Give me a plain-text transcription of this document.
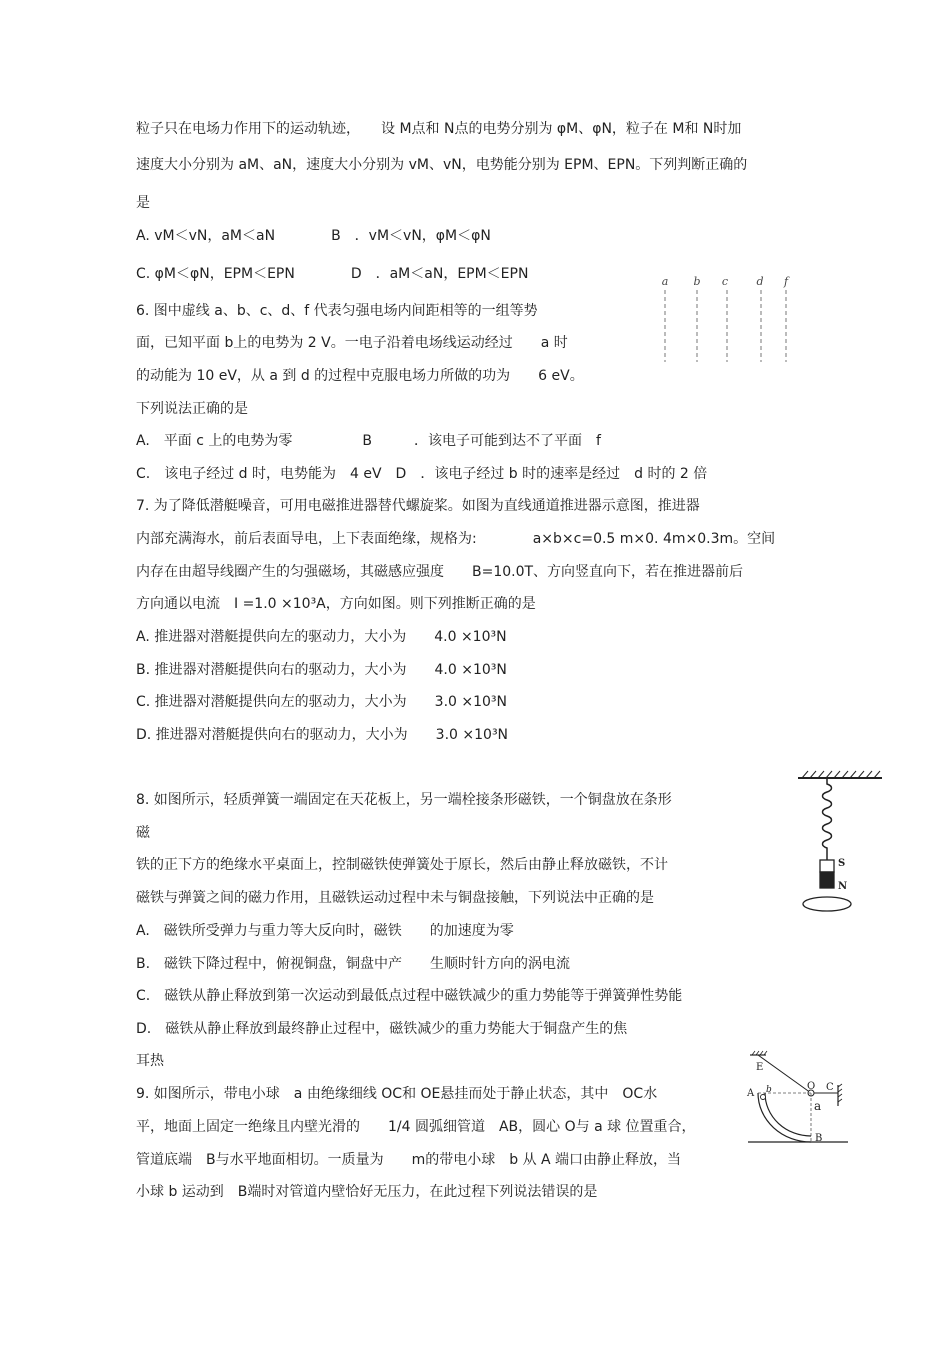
粒子只在电场力作用下的运动轨迹，　　设 M点和 N点的电势分别为 φM、φN，粒子在 M和 N时加
速度大小分别为 aM、aN，速度大小分别为 vM、vN，电势能分别为 EPM、EPN。下列判断正确的
是
A. vM＜vN，aM＜aN　　　　B　．vM＜vN，φM＜φN
C. φM＜φN，EPM＜EPN　　　　D　．aM＜aN，EPM＜EPN
6. 图中虚线 a、b、c、d、f 代表匀强电场内间距相等的一组等势
面，已知平面 b上的电势为 2 V。一电子沿着电场线运动经过　　a 时
的动能为 10 eV，从 a 到 d 的过程中克服电场力所做的功为　　6 eV。
下列说法正确的是
A.　平面 c 上的电势为零　　　　　B　　　．该电子可能到达不了平面　f
C.　该电子经过 d 时，电势能为　4 eV　D　．该电子经过 b 时的速率是经过　d 时的 2 倍
7. 为了降低潜艇噪音，可用电磁推进器替代螺旋桨。如图为直线通道推进器示意图，推进器
内部充满海水，前后表面导电，上下表面绝缘，规格为:　　　　a×b×c=0.5 m×0. 4m×0.3m。空间
内存在由超导线圈产生的匀强磁场，其磁感应强度　　B=10.0T、方向竖直向下，若在推进器前后
方向通以电流　I =1.0 ×10³A，方向如图。则下列推断正确的是
A. 推进器对潜艇提供向左的驱动力，大小为　　4.0 ×10³N
B. 推进器对潜艇提供向右的驱动力，大小为　　4.0 ×10³N
C. 推进器对潜艇提供向左的驱动力，大小为　　3.0 ×10³N
D. 推进器对潜艇提供向右的驱动力，大小为　　3.0 ×10³N
8. 如图所示，轻质弹簧一端固定在天花板上，另一端栓接条形磁铁，一个铜盘放在条形
磁
铁的正下方的绝缘水平桌面上，控制磁铁使弹簧处于原长，然后由静止释放磁铁，不计
磁铁与弹簧之间的磁力作用，且磁铁运动过程中未与铜盘接触，下列说法中正确的是
A.　磁铁所受弹力与重力等大反向时，磁铁　　的加速度为零
B.　磁铁下降过程中，俯视铜盘，铜盘中产　　生顺时针方向的涡电流
C.　磁铁从静止释放到第一次运动到最低点过程中磁铁减少的重力势能等于弹簧弹性势能
D.　磁铁从静止释放到最终静止过程中，磁铁减少的重力势能大于铜盘产生的焦
耳热
9. 如图所示，带电小球　a 由绝缘细线 OC和 OE悬挂而处于静止状态，其中　OC水
平，地面上固定一绝缘且内壁光滑的　　1/4 圆弧细管道　AB，圆心 O与 a 球 位置重合，
管道底端　B与水平地面相切。一质量为　　m的带电小球　b 从 A 端口由静止释放，当
小球 b 运动到　B端时对管道内壁恰好无压力，在此过程下列说法错误的是
a b c	d f
S
N
E
O C
A b
a
B
